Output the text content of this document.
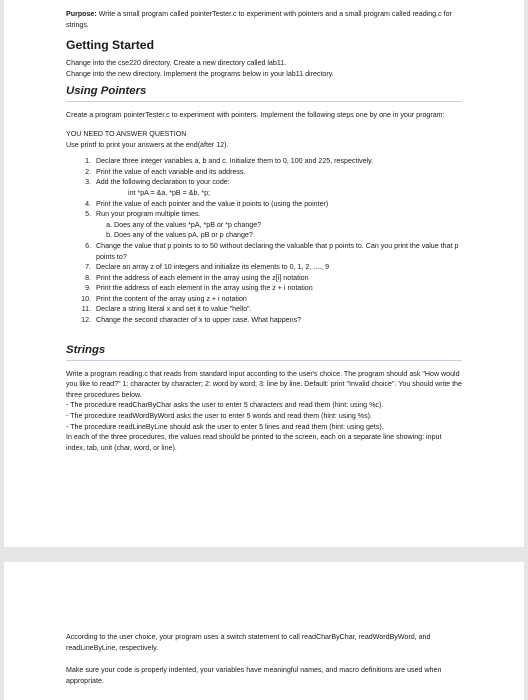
Purpose: Write a small program called pointerTester.c to experiment with pointers and a small program called reading.c for strings.

Getting Started

Change into the cse220 directory. Create a new directory called lab11.

Change into the new directory. Implement the programs below in your lab11 directory.

Using Pointers

Create a program pointerTester.c to experiment with pointers. Implement the following steps one by one in your program:

YOU NEED TO ANSWER QUESTION

Use printf to print your answers at the end(after 12).

1. Declare three integer variables a, b and c. Initialize them to 0, 100 and 225, respectively.
2. Print the value of each variable and its address.
3. Add the following declaration to your code:
int *pA = &a, *pB = &b, *p;
4. Print the value of each pointer and the value it points to (using the pointer)
5. Run your program multiple times.
a. Does any of the values *pA, *pB or *p change?
b. Does any of the values pA, pB or p change?
6. Change the value that p points to to 50 without declaring the valuable that p points to. Can you print the value that p points to?
7. Declare an array z of 10 integers and initialize its elements to 0, 1, 2, ...., 9
8. Print the address of each element in the array using the z[i] notation
9. Print the address of each element in the array using the z + i notation
10. Print the content of the array using z + i notation
11. Declare a string literal x and set it to value "hello".
12. Change the second character of x to upper case. What happens?
Strings

Write a program reading.c that reads from standard input according to the user's choice. The program should ask "How would you like to read?" 1: character by character; 2: word by word; 3: line by line. Default: print "Invalid choice". You should write the three procedures below.

- The procedure readCharByChar asks the user to enter 5 characters and read them (hint: using %c).
- The procedure readWordByWord asks the user to enter 5 words and read them (hint: using %s).
- The procedure readLineByLine should ask the user to enter 5 lines and read them (hint: using gets).

In each of the three procedures, the values read should be printed to the screen, each on a separate line showing: input index, tab, unit (char, word, or line).

According to the user choice, your program uses a switch statement to call readCharByChar, readWordByWord, and readLineByLine, respectively.

Make sure your code is properly indented, your variables have meaningful names, and macro definitions are used when appropriate.
